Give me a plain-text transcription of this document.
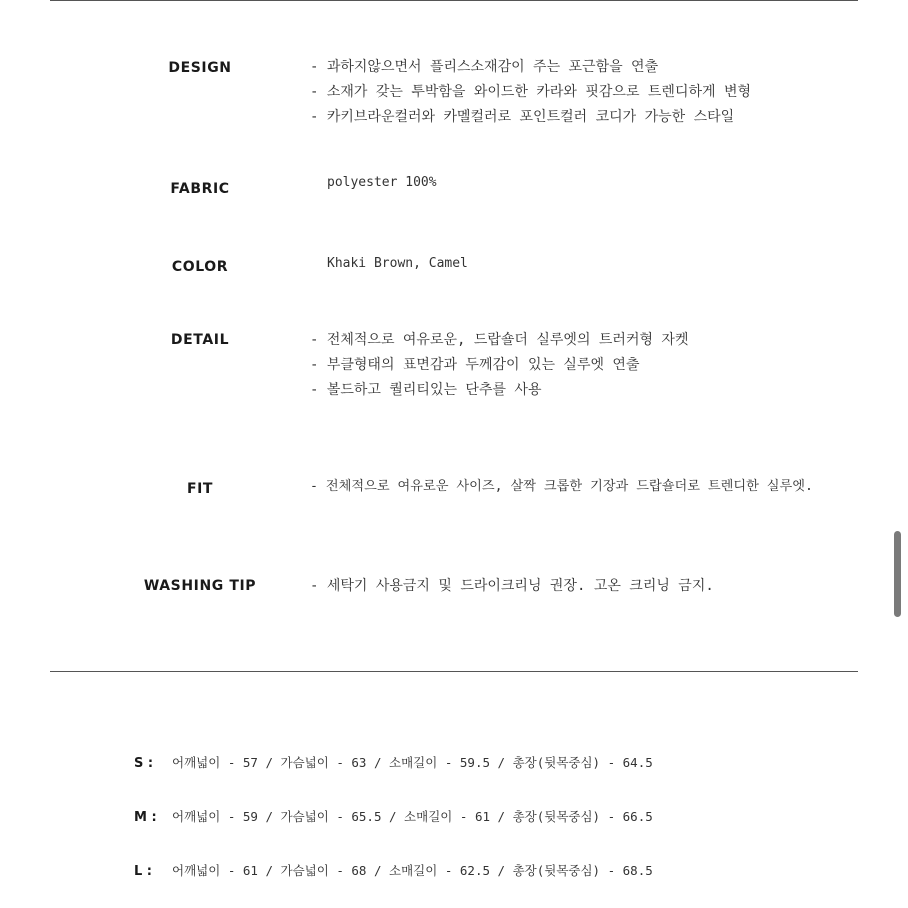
DESIGN	- 과하지않으면서 플리스소재감이 주는 포근함을 연출
- 소재가 갖는 투박함을 와이드한 카라와 핏감으로 트렌디하게 변형
- 카키브라운컬러와 카멜컬러로 포인트컬러 코디가 가능한 스타일
FABRIC	polyester 100%
COLOR	Khaki Brown, Camel
DETAIL	- 전체적으로 여유로운, 드랍숄더 실루엣의 트러커형 자켓
- 부클형태의 표면감과 두께감이 있는 실루엣 연출
- 볼드하고 퀄리티있는 단추를 사용
FIT	- 전체적으로 여유로운 사이즈, 살짝 크롭한 기장과 드랍숄더로 트렌디한 실루엣.
WASHING TIP	- 세탁기 사용금지 및 드라이크리닝 권장. 고온 크리닝 금지.
S : 어깨넓이 - 57 / 가슴넓이 - 63 / 소매길이 - 59.5 / 총장(뒷목중심) - 64.5
M : 어깨넓이 - 59 / 가슴넓이 - 65.5 / 소매길이 - 61 / 총장(뒷목중심) - 66.5
L : 어깨넓이 - 61 / 가슴넓이 - 68 / 소매길이 - 62.5 / 총장(뒷목중심) - 68.5
